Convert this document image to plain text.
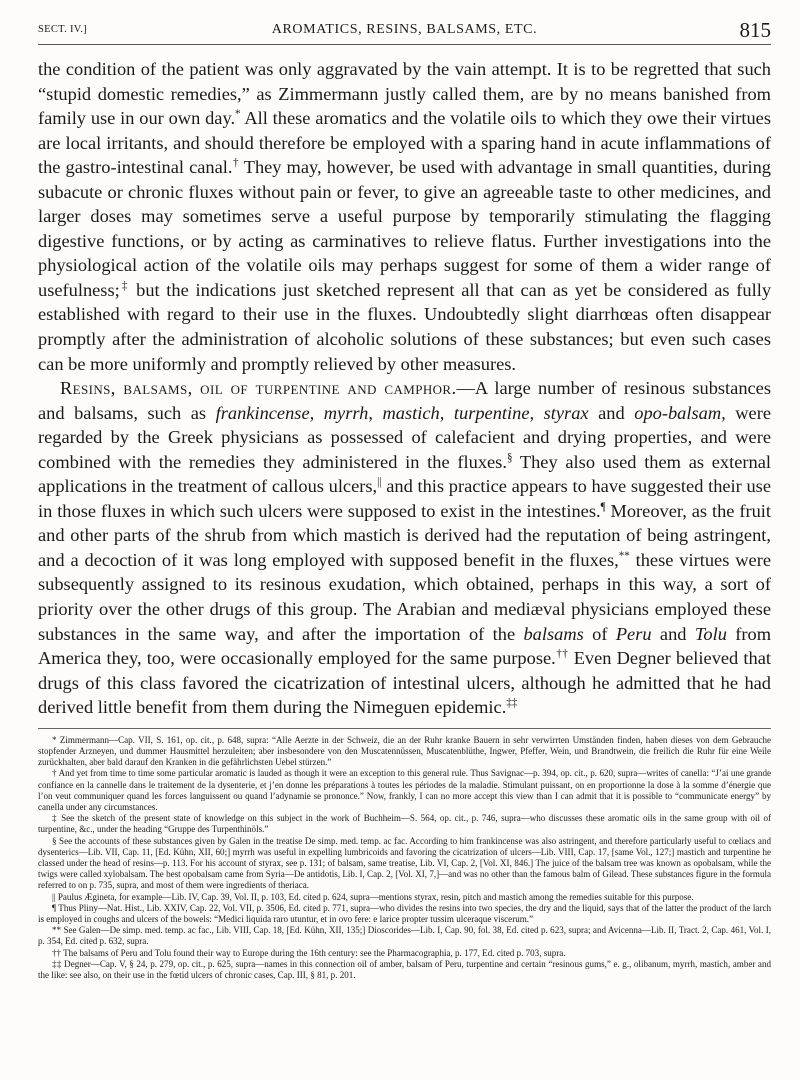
SECT. IV.]	AROMATICS, RESINS, BALSAMS, ETC.	815

the condition of the patient was only aggravated by the vain attempt. It is to be regretted that such “stupid domestic remedies,” as Zimmermann justly called them, are by no means banished from family use in our own day.* All these aromatics and the volatile oils to which they owe their virtues are local irritants, and should therefore be employed with a sparing hand in acute inflammations of the gastro-intestinal canal.† They may, however, be used with advantage in small quantities, during subacute or chronic fluxes without pain or fever, to give an agreeable taste to other medicines, and larger doses may sometimes serve a useful purpose by temporarily stimulating the flagging digestive functions, or by acting as carminatives to relieve flatus. Further investigations into the physiological action of the volatile oils may perhaps suggest for some of them a wider range of usefulness;‡ but the indications just sketched represent all that can as yet be considered as fully established with regard to their use in the fluxes. Undoubtedly slight diarrhœas often disappear promptly after the administration of alcoholic solutions of these substances; but even such cases can be more uniformly and promptly relieved by other measures.

Resins, balsams, oil of turpentine and camphor.—A large number of resinous substances and balsams, such as frankincense, myrrh, mastich, turpentine, styrax and opo-balsam, were regarded by the Greek physicians as possessed of calefacient and drying properties, and were combined with the remedies they administered in the fluxes.§ They also used them as external applications in the treatment of callous ulcers,|| and this practice appears to have suggested their use in those fluxes in which such ulcers were supposed to exist in the intestines.¶ Moreover, as the fruit and other parts of the shrub from which mastich is derived had the reputation of being astringent, and a decoction of it was long employed with supposed benefit in the fluxes,** these virtues were subsequently assigned to its resinous exudation, which obtained, perhaps in this way, a sort of priority over the other drugs of this group. The Arabian and mediæval physicians employed these substances in the same way, and after the importation of the balsams of Peru and Tolu from America they, too, were occasionally employed for the same purpose.†† Even Degner believed that drugs of this class favored the cicatrization of intestinal ulcers, although he admitted that he had derived little benefit from them during the Nimeguen epidemic.‡‡

* Zimmermann—Cap. VII, S. 161, op. cit., p. 648, supra: “Alle Aerzte in der Schweiz, die an der Ruhr kranke Bauern in sehr verwirrten Umständen finden, haben dieses von dem Gebrauche stopfender Arzneyen, und dummer Hausmittel herzuleiten; aber insbesondere von den Muscatennüssen, Muscatenblüthe, Ingwer, Pfeffer, Wein, und Brandtwein, die freilich die Ruhr für eine Weile zurückhalten, aber bald darauf den Kranken in die gefährlichsten Uebel stürzen.”

† And yet from time to time some particular aromatic is lauded as though it were an exception to this general rule. Thus Savignac—p. 394, op. cit., p. 620, supra—writes of canella: “J’ai une grande confiance en la cannelle dans le traitement de la dysenterie, et j’en donne les préparations à toutes les périodes de la maladie. Stimulant puissant, on en proportionne la dose à la somme d’énergie que l’on veut communiquer quand les forces languissent ou quand l’adynamie se prononce.” Now, frankly, I can no more accept this view than I can admit that it is possible to “communicate energy” by canella under any circumstances.

‡ See the sketch of the present state of knowledge on this subject in the work of Buchheim—S. 564, op. cit., p. 746, supra—who discusses these aromatic oils in the same group with oil of turpentine, &c., under the heading “Gruppe des Turpenthinöls.”

§ See the accounts of these substances given by Galen in the treatise De simp. med. temp. ac fac. According to him frankincense was also astringent, and therefore particularly useful to cœliacs and dysenterics—Lib. VII, Cap. 11, [Ed. Kühn, XII, 60;] myrrh was useful in expelling lumbricoids and favoring the cicatrization of ulcers—Lib. VIII, Cap. 17, [same Vol., 127;] mastich and turpentine he classed under the head of resins—p. 113. For his account of styrax, see p. 131; of balsam, same treatise, Lib. VI, Cap. 2, [Vol. XI, 846.] The juice of the balsam tree was known as opobalsam, while the twigs were called xylobalsam. The best opobalsam came from Syria—De antidotis, Lib. I, Cap. 2, [Vol. XI, 7,]—and was no other than the famous balm of Gilead. These substances figure in the formula referred to on p. 735, supra, and most of them were ingredients of theriaca.

|| Paulus Ægineta, for example—Lib. IV, Cap. 39, Vol. II, p. 103, Ed. cited p. 624, supra—mentions styrax, resin, pitch and mastich among the remedies suitable for this purpose.

¶ Thus Pliny—Nat. Hist., Lib. XXIV, Cap. 22, Vol. VII, p. 3506, Ed. cited p. 771, supra—who divides the resins into two species, the dry and the liquid, says that of the latter the product of the larch is employed in coughs and ulcers of the bowels: “Medici liquida raro utuntur, et in ovo fere: e larice propter tussim ulceraque viscerum.”

** See Galen—De simp. med. temp. ac fac., Lib. VIII, Cap. 18, [Ed. Kühn, XII, 135;] Dioscorides—Lib. I, Cap. 90, fol. 38, Ed. cited p. 623, supra; and Avicenna—Lib. II, Tract. 2, Cap. 461, Vol. I, p. 354, Ed. cited p. 632, supra.

†† The balsams of Peru and Tolu found their way to Europe during the 16th century: see the Pharmacographia, p. 177, Ed. cited p. 703, supra.

‡‡ Degner—Cap. V, § 24, p. 279, op. cit., p. 625, supra—names in this connection oil of amber, balsam of Peru, turpentine and certain “resinous gums,” e. g., olibanum, myrrh, mastich, amber and the like: see also, on their use in the fœtid ulcers of chronic cases, Cap. III, § 81, p. 201.
